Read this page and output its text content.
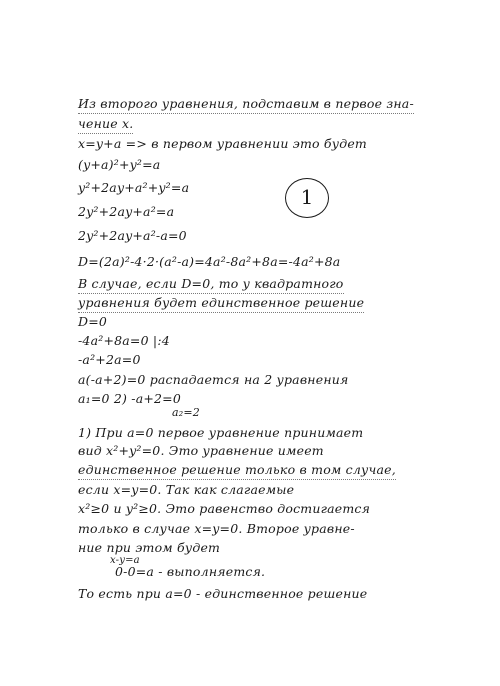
Из второго уравнения, подставим в первое зна-
чение x.
x=y+a => в первом уравнении это будет
(y+a)²+y²=a
y²+2ay+a²+y²=a
2y²+2ay+a²=a
2y²+2ay+a²-a=0
D=(2a)²-4·2·(a²-a)=4a²-8a²+8a=-4a²+8a
В случае, если D=0, то у квадратного
уравнения будет единственное решение
D=0
-4a²+8a=0 |:4
-a²+2a=0
a(-a+2)=0 распадается на 2 уравнения
a₁=0 2) -a+2=0
a₂=2
1) При a=0 первое уравнение принимает
вид x²+y²=0. Это уравнение имеет
единственное решение только в том случае,
если x=y=0. Так как слагаемые
x²≥0 и y²≥0. Это равенство достигается
только в случае x=y=0. Второе уравне-
ние при этом будет
x-y=a
0-0=a - выполняется.
То есть при a=0 - единственное решение
1
